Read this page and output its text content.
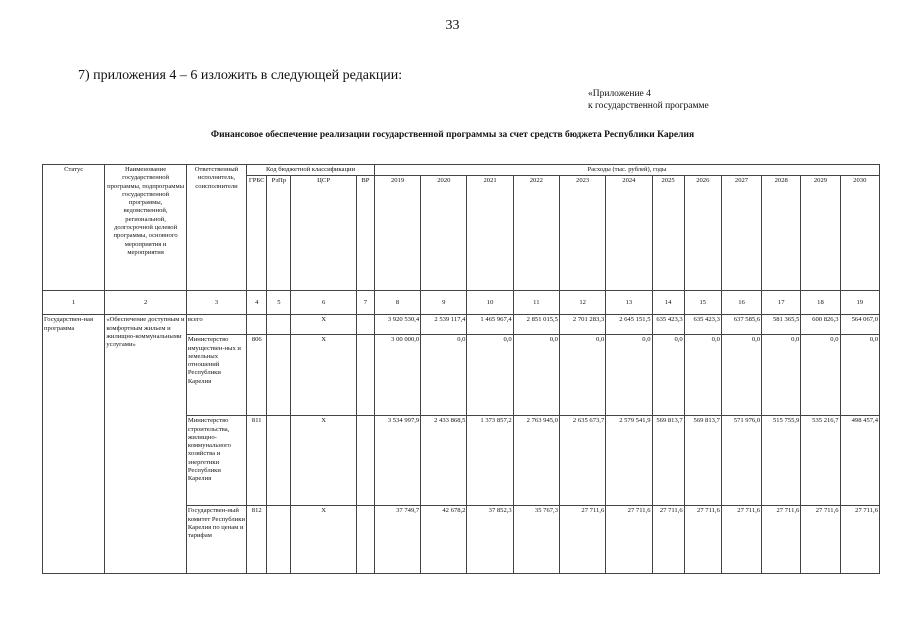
33
7) приложения 4 – 6 изложить в следующей редакции:
«Приложение 4
к государственной программе
Финансовое обеспечение реализации государственной программы за счет средств бюджета Республики Карелия
Статус	Наименование государственной программы, подпрограммы государственной программы, ведомственной, региональной, долгосрочной целевой программы, основного мероприятия и мероприятия	Ответственный исполнитель, соисполнители	Код бюджетной классификации				Расходы (тыс. рублей), годы											
			ГРБС	РзПр	ЦСР	ВР	2019	2020	2021	2022	2023	2024	2025	2026	2027	2028	2029	2030
1	2	3	4	5	6	7	8	9	10	11	12	13	14	15	16	17	18	19
Государствен-ная программа	«Обеспечение доступным и комфортным жильем и жилищно-коммунальными услугами»	всего			X		3 920 530,4	2 539 117,4	1 465 967,4	2 851 015,5	2 701 283,3	2 645 151,5	635 423,3	635 423,3	637 585,6	581 365,5	600 826,3	564 067,0
		Министерство имуществен-ных и земельных отношений Республики Карелия	806		X		3 00 000,0	0,0	0,0	0,0	0,0	0,0	0,0	0,0	0,0	0,0	0,0	0,0
		Министерство строительства, жилищно-коммунального хозяйства и энергетики Республики Карелия	811		X		3 534 997,9	2 433 868,5	1 373 857,2	2 763 945,0	2 635 673,7	2 579 541,9	569 813,7	569 813,7	571 976,0	515 755,9	535 216,7	498 457,4
		Государствен-ный комитет Республики Карелия по ценам и тарифам	812		X		37 749,7	42 678,2	37 852,3	35 767,3	27 711,6	27 711,6	27 711,6	27 711,6	27 711,6	27 711,6	27 711,6	27 711,6
